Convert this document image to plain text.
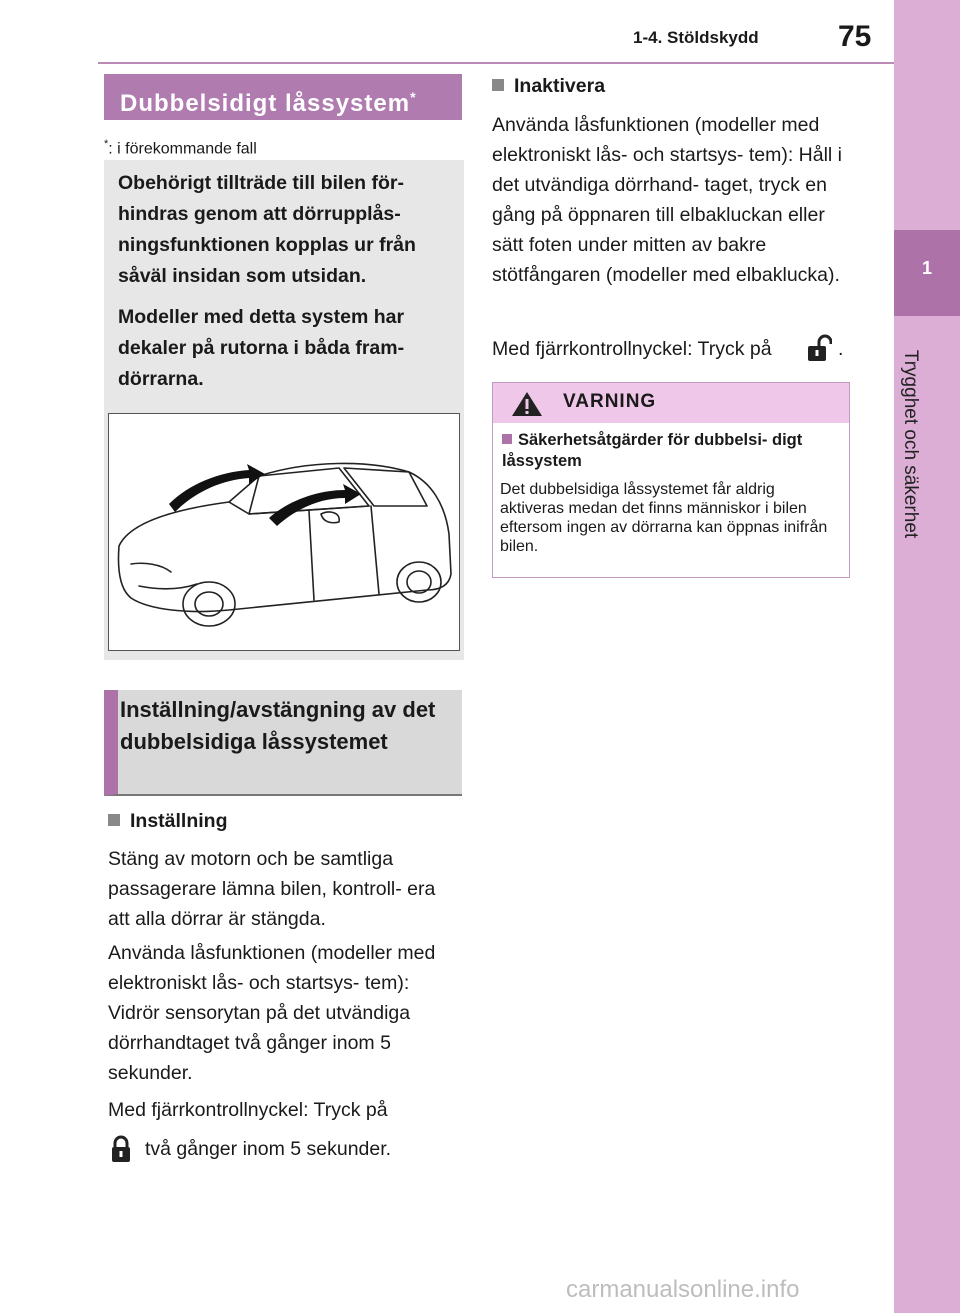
1-4. Stöldskydd	75
1
Trygghet och säkerhet
Dubbelsidigt låssystem*
*: i förekommande fall

Obehörigt tillträde till bilen för- hindras genom att dörrupplås- ningsfunktionen kopplas ur från såväl insidan som utsidan.

Modeller med detta system har dekaler på rutorna i båda fram- dörrarna.

Inställning/avstängning av det dubbelsidiga låssystemet

Inställning

Stäng av motorn och be samtliga passagerare lämna bilen, kontroll- era att alla dörrar är stängda.

Använda låsfunktionen (modeller med elektroniskt lås- och startsys- tem): Vidrör sensorytan på det utvändiga dörrhandtaget två gånger inom 5 sekunder.

Med fjärrkontrollnyckel: Tryck på

två gånger inom 5 sekunder.

Inaktivera

Använda låsfunktionen (modeller med elektroniskt lås- och startsys- tem): Håll i det utvändiga dörrhand- taget, tryck en gång på öppnaren till elbakluckan eller sätt foten under mitten av bakre stötfångaren (modeller med elbaklucka).

Med fjärrkontrollnyckel: Tryck på	.
VARNING

Säkerhetsåtgärder för dubbelsi- digt låssystem

Det dubbelsidiga låssystemet får aldrig aktiveras medan det finns människor i bilen eftersom ingen av dörrarna kan öppnas inifrån bilen.

carmanualsonline.info
